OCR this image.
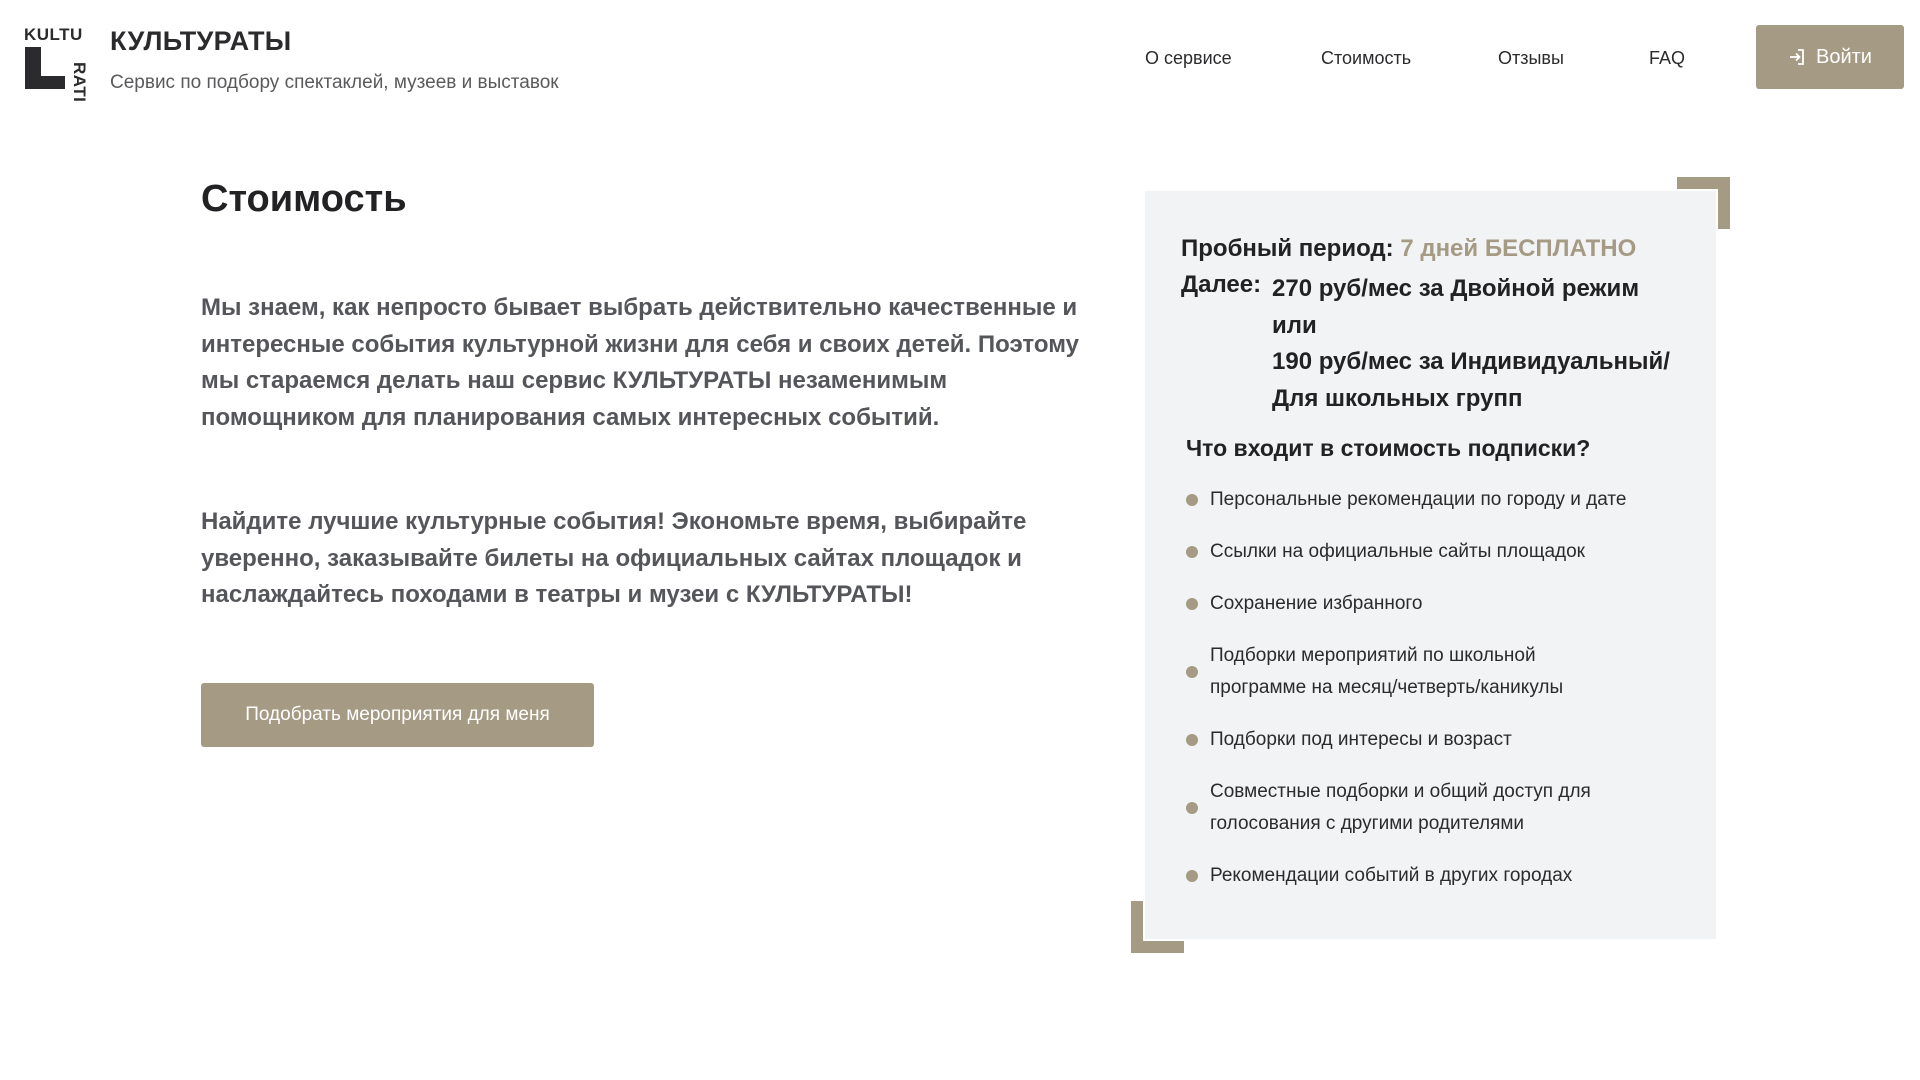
KULTU
RATI
КУЛЬТУРАТЫ
Сервис по подбору спектаклей, музеев и выставок
О сервисе	Стоимость	Отзывы	FAQ	Войти
Стоимость

Мы знаем, как непросто бывает выбрать действительно качественные и интересные события культурной жизни для себя и своих детей. Поэтому мы стараемся делать наш сервис КУЛЬТУРАТЫ незаменимым помощником для планирования самых интересных событий.

Найдите лучшие культурные события! Экономьте время, выбирайте уверенно, заказывайте билеты на официальных сайтах площадок и наслаждайтесь походами в театры и музеи с КУЛЬТУРАТЫ!

Подобрать мероприятия для меня
Пробный период: 7 дней БЕСПЛАТНО
Далее: 270 руб/мес за Двойной режим
или
190 руб/мес за Индивидуальный/
Для школьных групп
Что входит в стоимость подписки?
Персональные рекомендации по городу и дате
Ссылки на официальные сайты площадок
Сохранение избранного
Подборки мероприятий по школьной программе на месяц/четверть/каникулы
Подборки под интересы и возраст
Совместные подборки и общий доступ для голосования с другими родителями
Рекомендации событий в других городах
